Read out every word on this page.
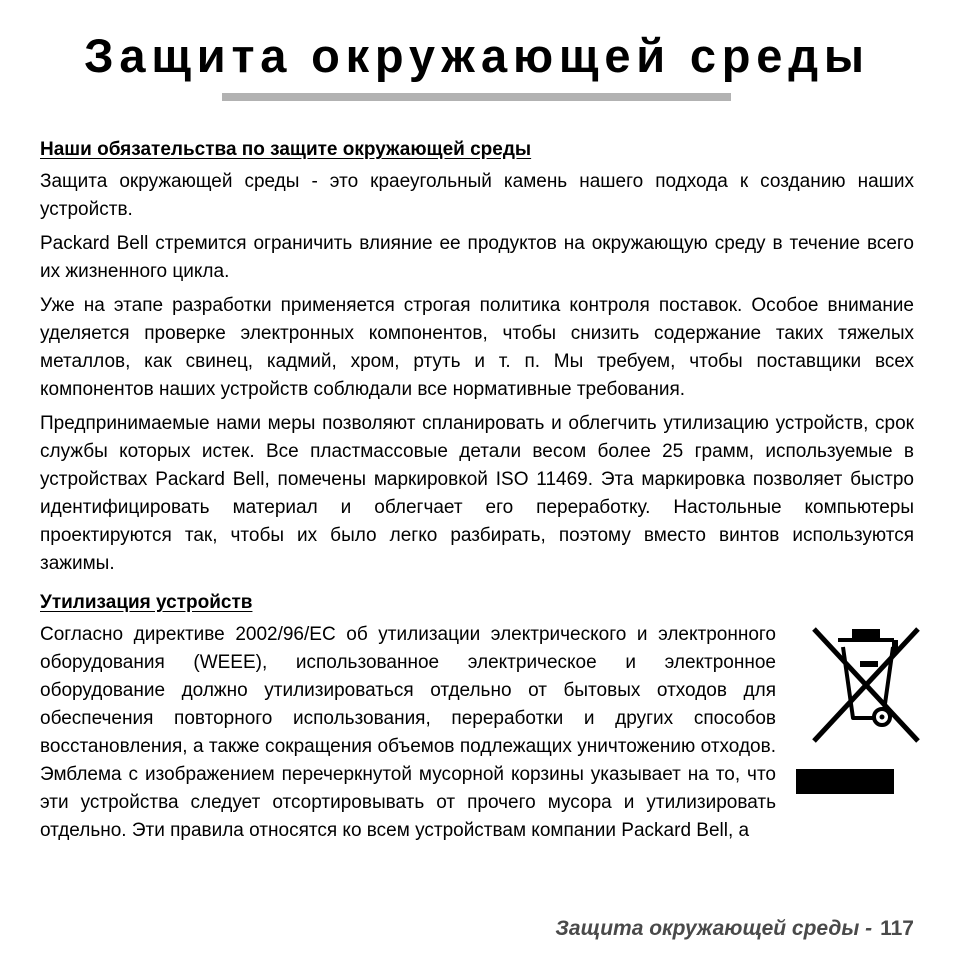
Защита окружающей среды
Наши обязательства по защите окружающей среды

Защита окружающей среды - это краеугольный камень нашего подхода к созданию наших устройств.

Packard Bell стремится ограничить влияние ее продуктов на окружающую среду в течение всего их жизненного цикла.

Уже на этапе разработки применяется строгая политика контроля поставок. Особое внимание уделяется проверке электронных компонентов, чтобы снизить содержание таких тяжелых металлов, как свинец, кадмий, хром, ртуть и т. п. Мы требуем, чтобы поставщики всех компонентов наших устройств соблюдали все нормативные требования.

Предпринимаемые нами меры позволяют спланировать и облегчить утилизацию устройств, срок службы которых истек. Все пластмассовые детали весом более 25 грамм, используемые в устройствах Packard Bell, помечены маркировкой ISO 11469. Эта маркировка позволяет быстро идентифицировать материал и облегчает его переработку. Настольные компьютеры проектируются так, чтобы их было легко разбирать, поэтому вместо винтов используются зажимы.

Утилизация устройств

Согласно директиве 2002/96/EC об утилизации электрического и электронного оборудования (WEEE), использованное электрическое и электронное оборудование должно утилизироваться отдельно от бытовых отходов для обеспечения повторного использования, переработки и других способов восстановления, а также сокращения объемов подлежащих уничтожению отходов. Эмблема с изображением перечеркнутой мусорной корзины указывает на то, что эти устройства следует отсортировывать от прочего мусора и утилизировать отдельно. Эти правила относятся ко всем устройствам компании Packard Bell, а

Защита окружающей среды - 117
